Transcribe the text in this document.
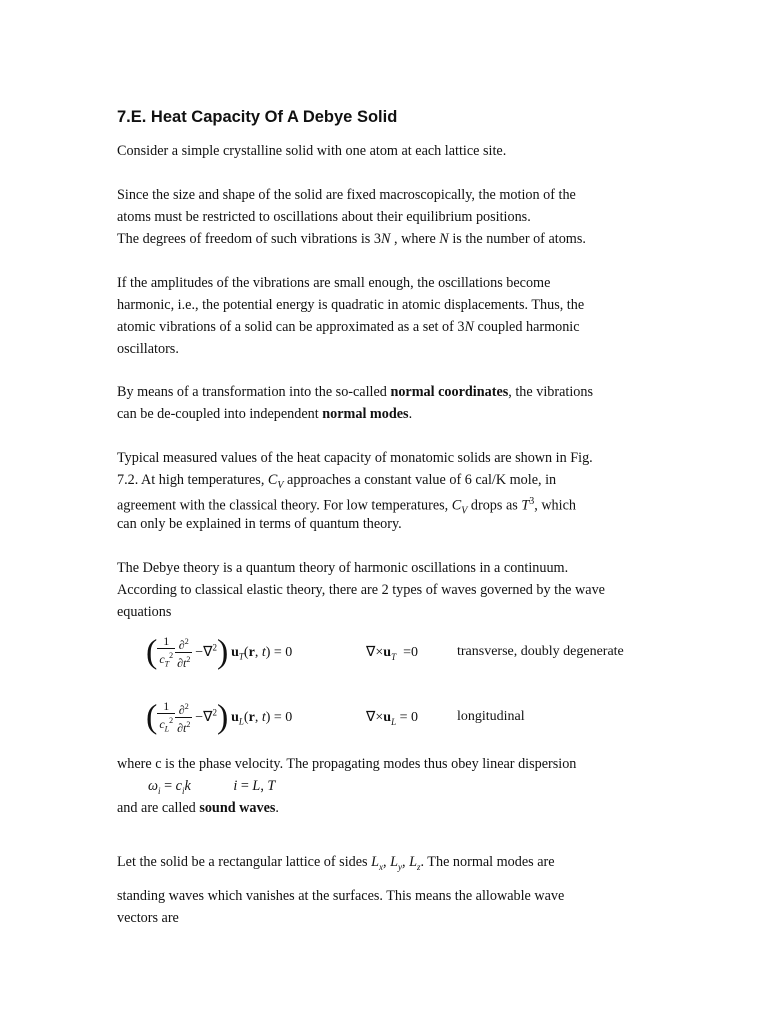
7.E. Heat Capacity Of A Debye Solid

Consider a simple crystalline solid with one atom at each lattice site.

Since the size and shape of the solid are fixed macroscopically, the motion of the

atoms must be restricted to oscillations about their equilibrium positions.

The degrees of freedom of such vibrations is 3N , where N is the number of atoms.

If the amplitudes of the vibrations are small enough, the oscillations become

harmonic, i.e., the potential energy is quadratic in atomic displacements. Thus, the

atomic vibrations of a solid can be approximated as a set of 3N coupled harmonic

oscillators.

By means of a transformation into the so-called normal coordinates, the vibrations

can be de-coupled into independent normal modes.

Typical measured values of the heat capacity of monatomic solids are shown in Fig.

7.2. At high temperatures, $C_V$ approaches a constant value of 6 cal/K mole, in

agreement with the classical theory. For low temperatures, $C_V$ drops as $T^3$, which

can only be explained in terms of quantum theory.

The Debye theory is a quantum theory of harmonic oscillations in a continuum.

According to classical elastic theory, there are 2 types of waves governed by the wave

equations

( $\frac{1}{c_T^2} \frac{\partial^2}{\partial t^2} -\nabla^2$)  $u_T(r$, t) = 0	$\nabla\times u_T =0$	transverse, doubly degenerate
( $\frac{1}{c_L^2} \frac{\partial^2}{\partial t^2} -\nabla^2$)  $u_L(r$, t) = 0	$\nabla\times u_L = 0$	longitudinal

where c is the phase velocity. The propagating modes thus obey linear dispersion

$\omega_i = c_ik$	i = L, T

and are called sound waves.

Let the solid be a rectangular lattice of sides $L_x$, $L_y$, $L_z$. The normal modes are

standing waves which vanishes at the surfaces. This means the allowable wave

vectors are
